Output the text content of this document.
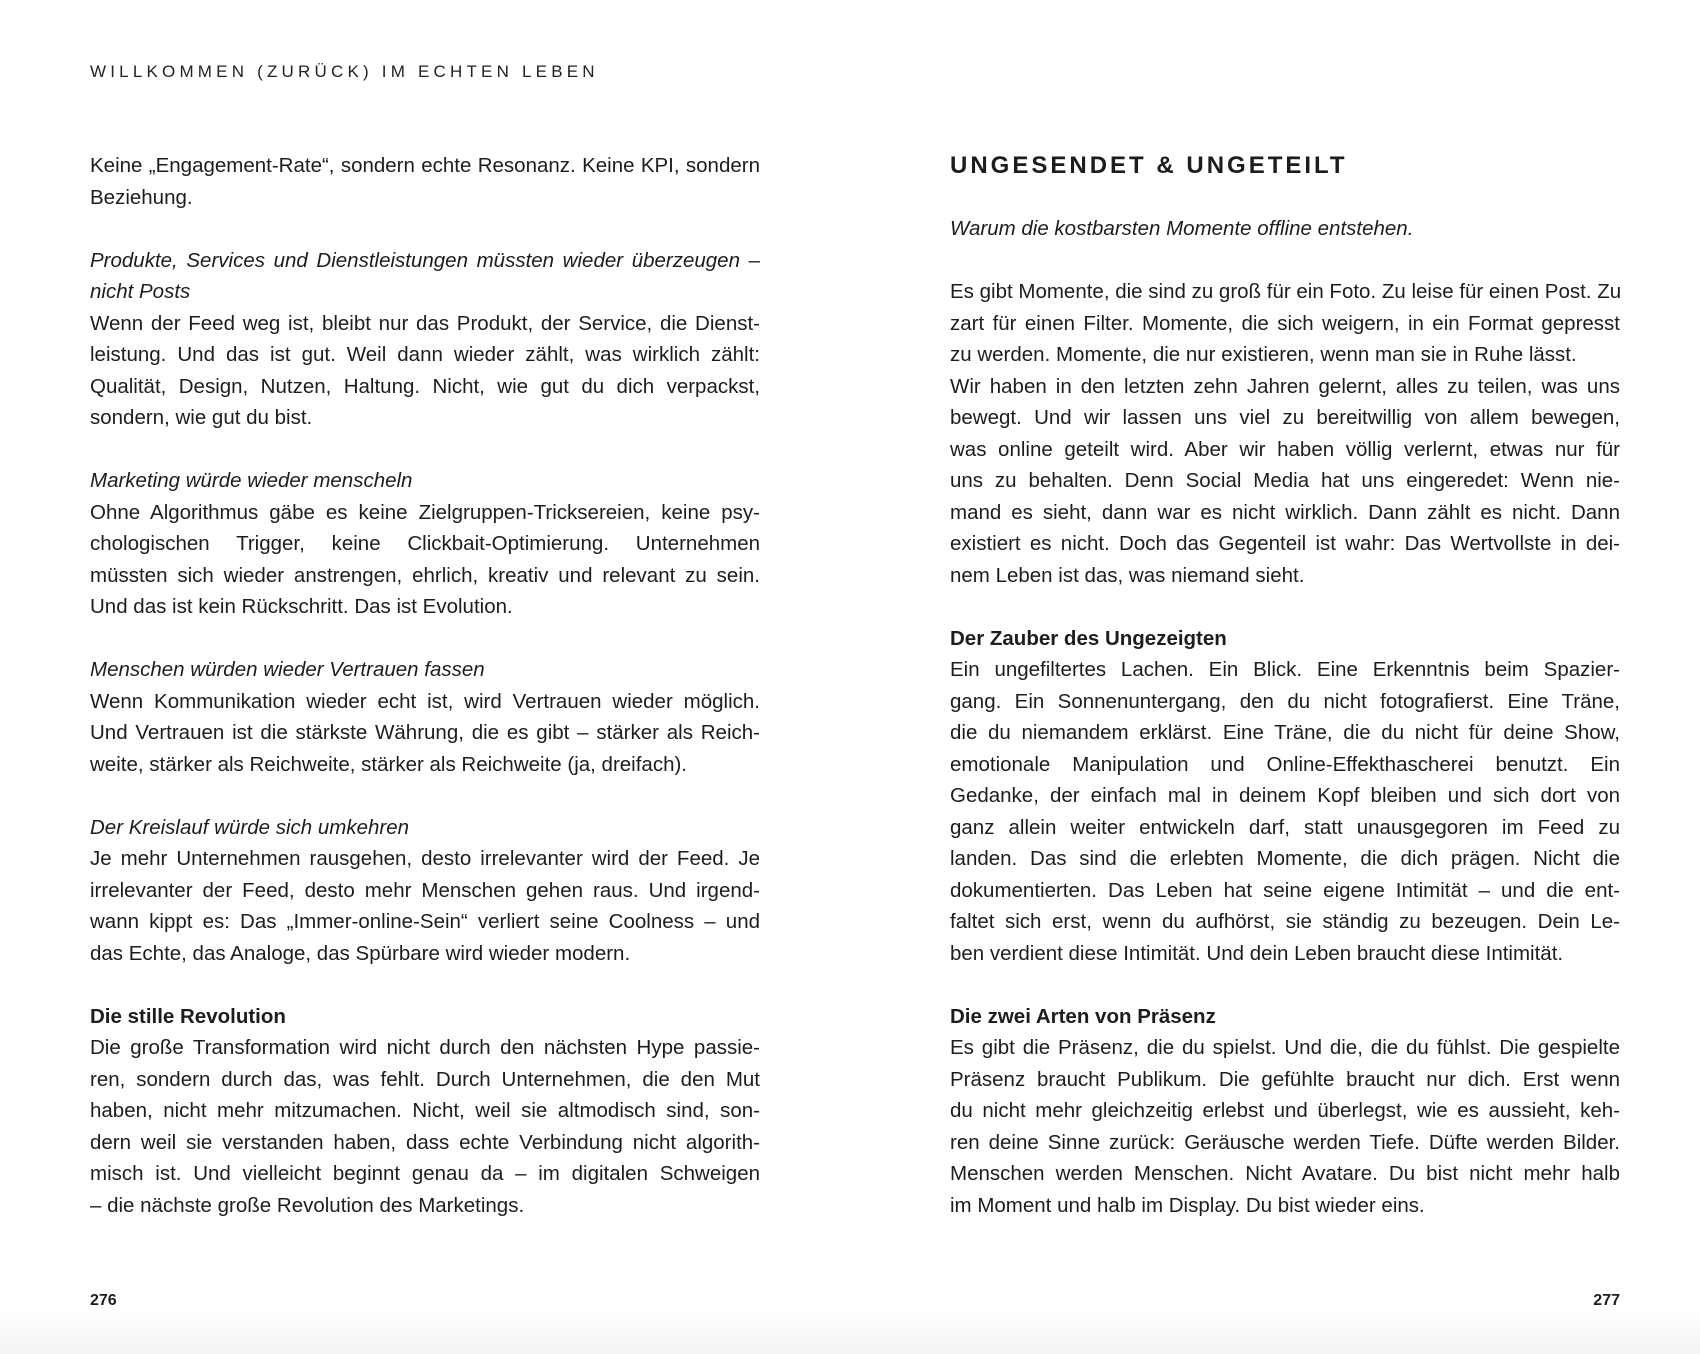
WILLKOMMEN (ZURÜCK) IM ECHTEN LEBEN
Keine „Engagement-Rate“, sondern echte Resonanz. Keine KPI, sondern
Beziehung.
Produkte, Services und Dienstleistungen müssten wieder überzeugen –
nicht Posts
Wenn der Feed weg ist, bleibt nur das Produkt, der Service, die Dienst-
leistung. Und das ist gut. Weil dann wieder zählt, was wirklich zählt:
Qualität, Design, Nutzen, Haltung. Nicht, wie gut du dich verpackst,
sondern, wie gut du bist.
Marketing würde wieder menscheln
Ohne Algorithmus gäbe es keine Zielgruppen-Tricksereien, keine psy-
chologischen Trigger, keine Clickbait-Optimierung. Unternehmen
müssten sich wieder anstrengen, ehrlich, kreativ und relevant zu sein.
Und das ist kein Rückschritt. Das ist Evolution.
Menschen würden wieder Vertrauen fassen
Wenn Kommunikation wieder echt ist, wird Vertrauen wieder möglich.
Und Vertrauen ist die stärkste Währung, die es gibt – stärker als Reich-
weite, stärker als Reichweite, stärker als Reichweite (ja, dreifach).
Der Kreislauf würde sich umkehren
Je mehr Unternehmen rausgehen, desto irrelevanter wird der Feed. Je
irrelevanter der Feed, desto mehr Menschen gehen raus. Und irgend-
wann kippt es: Das „Immer-online-Sein“ verliert seine Coolness – und
das Echte, das Analoge, das Spürbare wird wieder modern.
Die stille Revolution
Die große Transformation wird nicht durch den nächsten Hype passie-
ren, sondern durch das, was fehlt. Durch Unternehmen, die den Mut
haben, nicht mehr mitzumachen. Nicht, weil sie altmodisch sind, son-
dern weil sie verstanden haben, dass echte Verbindung nicht algorith-
misch ist. Und vielleicht beginnt genau da – im digitalen Schweigen
– die nächste große Revolution des Marketings.
UNGESENDET & UNGETEILT
Warum die kostbarsten Momente offline entstehen.
Es gibt Momente, die sind zu groß für ein Foto. Zu leise für einen Post. Zu
zart für einen Filter. Momente, die sich weigern, in ein Format gepresst
zu werden. Momente, die nur existieren, wenn man sie in Ruhe lässt.
Wir haben in den letzten zehn Jahren gelernt, alles zu teilen, was uns
bewegt. Und wir lassen uns viel zu bereitwillig von allem bewegen,
was online geteilt wird. Aber wir haben völlig verlernt, etwas nur für
uns zu behalten. Denn Social Media hat uns eingeredet: Wenn nie-
mand es sieht, dann war es nicht wirklich. Dann zählt es nicht. Dann
existiert es nicht. Doch das Gegenteil ist wahr: Das Wertvollste in dei-
nem Leben ist das, was niemand sieht.
Der Zauber des Ungezeigten
Ein ungefiltertes Lachen. Ein Blick. Eine Erkenntnis beim Spazier-
gang. Ein Sonnenuntergang, den du nicht fotografierst. Eine Träne,
die du niemandem erklärst. Eine Träne, die du nicht für deine Show,
emotionale Manipulation und Online-Effekthascherei benutzt. Ein
Gedanke, der einfach mal in deinem Kopf bleiben und sich dort von
ganz allein weiter entwickeln darf, statt unausgegoren im Feed zu
landen. Das sind die erlebten Momente, die dich prägen. Nicht die
dokumentierten. Das Leben hat seine eigene Intimität – und die ent-
faltet sich erst, wenn du aufhörst, sie ständig zu bezeugen. Dein Le-
ben verdient diese Intimität. Und dein Leben braucht diese Intimität.
Die zwei Arten von Präsenz
Es gibt die Präsenz, die du spielst. Und die, die du fühlst. Die gespielte
Präsenz braucht Publikum. Die gefühlte braucht nur dich. Erst wenn
du nicht mehr gleichzeitig erlebst und überlegst, wie es aussieht, keh-
ren deine Sinne zurück: Geräusche werden Tiefe. Düfte werden Bilder.
Menschen werden Menschen. Nicht Avatare. Du bist nicht mehr halb
im Moment und halb im Display. Du bist wieder eins.
276	277
